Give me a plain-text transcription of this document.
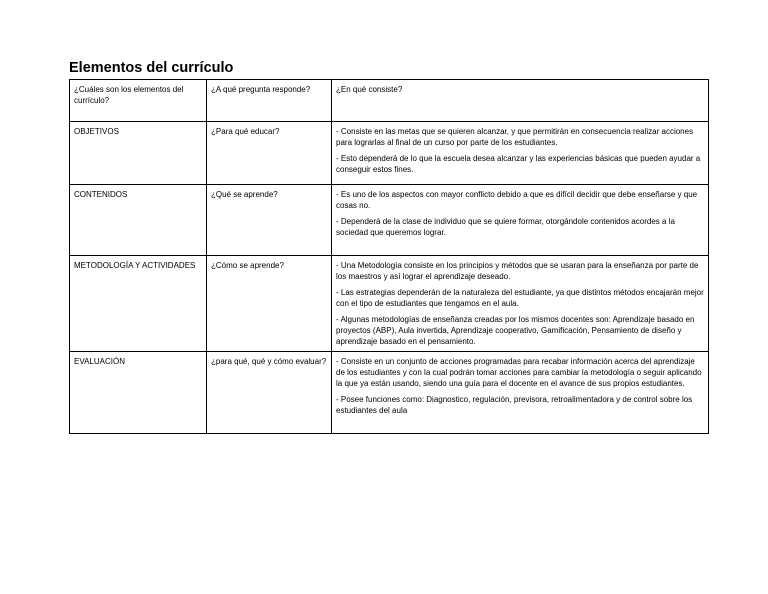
Elementos del currículo
¿Cuáles son los elementos del currículo?	¿A qué pregunta responde?	¿En qué consiste?
OBJETIVOS	¿Para qué educar?	- Consiste en las metas que se quieren alcanzar, y que permitirán en consecuencia realizar acciones para lograrlas al final de un curso por parte de los estudiantes.
- Esto dependerá de lo que la escuela desea alcanzar y las experiencias básicas que pueden ayudar a conseguir estos fines.

CONTENIDOS	¿Qué se aprende?	- Es uno de los aspectos con mayor conflicto debido a que es difícil decidir que debe enseñarse y que cosas no.
- Dependerá de la clase de individuo que se quiere formar, otorgándole contenidos acordes a la sociedad que queremos lograr.

METODOLOGÍA Y ACTIVIDADES	¿Cómo se aprende?	- Una Metodología consiste en los principios y métodos que se usaran para la enseñanza por parte de los maestros y así lograr el aprendizaje deseado.
- Las estrategias dependerán de la naturaleza del estudiante, ya que distintos métodos encajarán mejor con el tipo de estudiantes que tengamos en el aula.
- Algunas metodologías de enseñanza creadas por los mismos docentes son: Aprendizaje basado en proyectos (ABP), Aula invertida, Aprendizaje cooperativo, Gamificación, Pensamiento de diseño y aprendizaje basado en el pensamiento.

EVALUACIÓN	¿para qué, qué y cómo evaluar?	- Consiste en un conjunto de acciones programadas para recabar información acerca del aprendizaje de los estudiantes y con la cual podrán tomar acciones para cambiar la metodología o seguir aplicando la que ya están usando, siendo una guía para el docente en el avance de sus propios estudiantes.
- Posee funciones como: Diagnostico, regulación, previsora, retroalimentadora y de control sobre los estudiantes del aula
